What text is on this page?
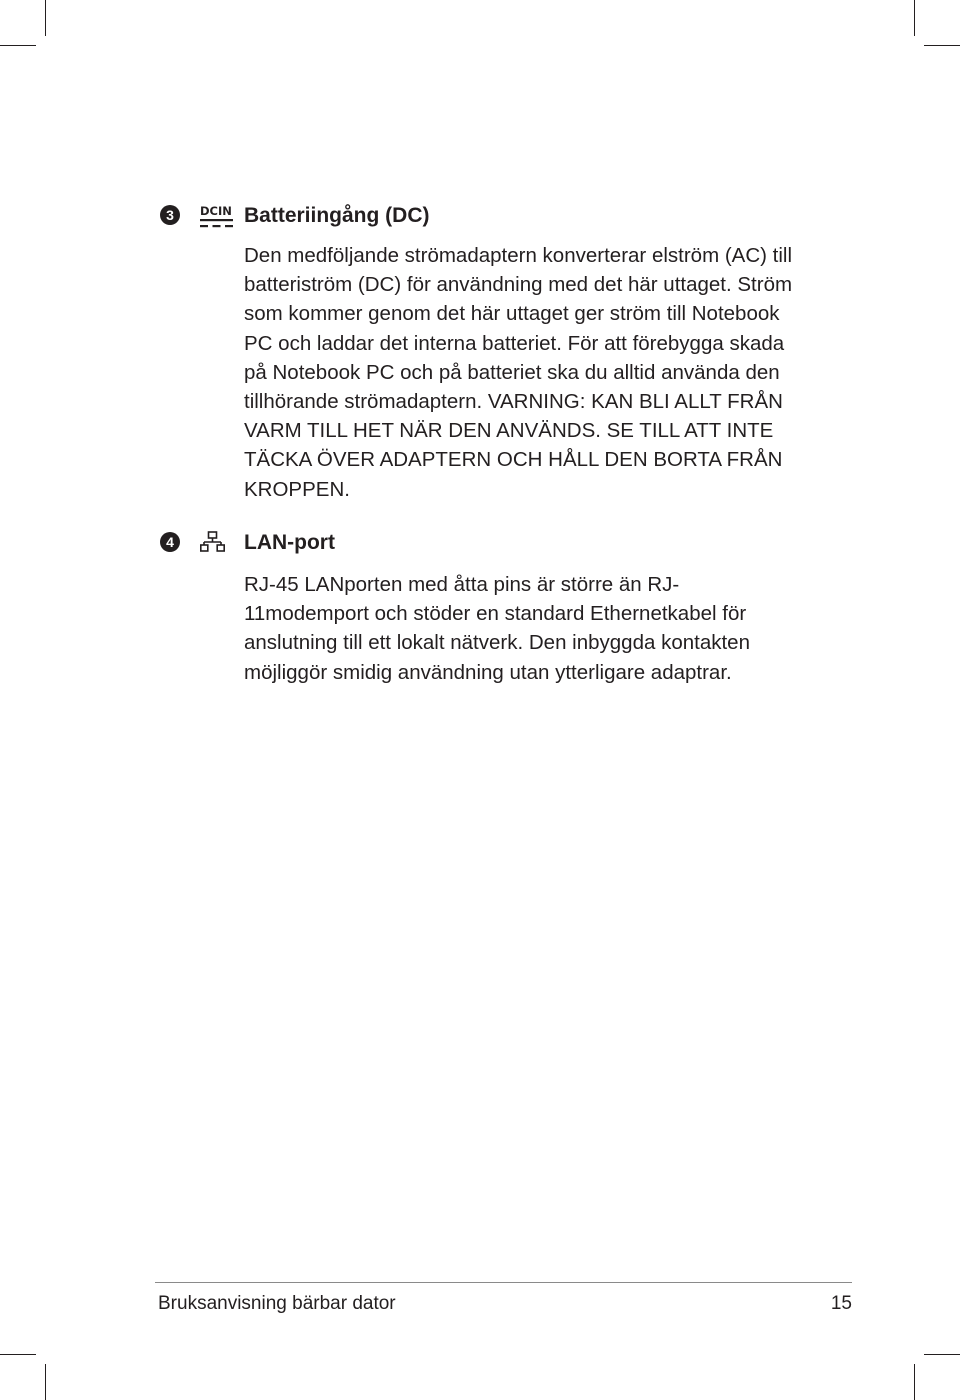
3	DCIN Batteriingång (DC)

Den medföljande strömadaptern konverterar elström (AC) till batteriström (DC) för användning med det här uttaget. Ström som kommer genom det här uttaget ger ström till Notebook PC och laddar det interna batteriet. För att förebygga skada på Notebook PC och på batteriet ska du alltid använda den tillhörande strömadaptern. VARNING: KAN BLI ALLT FRÅN VARM TILL HET NÄR DEN ANVÄNDS. SE TILL ATT INTE TÄCKA ÖVER ADAPTERN OCH HÅLL DEN BORTA FRÅN KROPPEN.

4	LAN-port

RJ-45 LANporten med åtta pins är större än RJ-11modemport och stöder en standard Ethernetkabel för anslutning till ett lokalt nätverk. Den inbyggda kontakten möjliggör smidig användning utan ytterligare adaptrar.

Bruksanvisning bärbar dator	15
